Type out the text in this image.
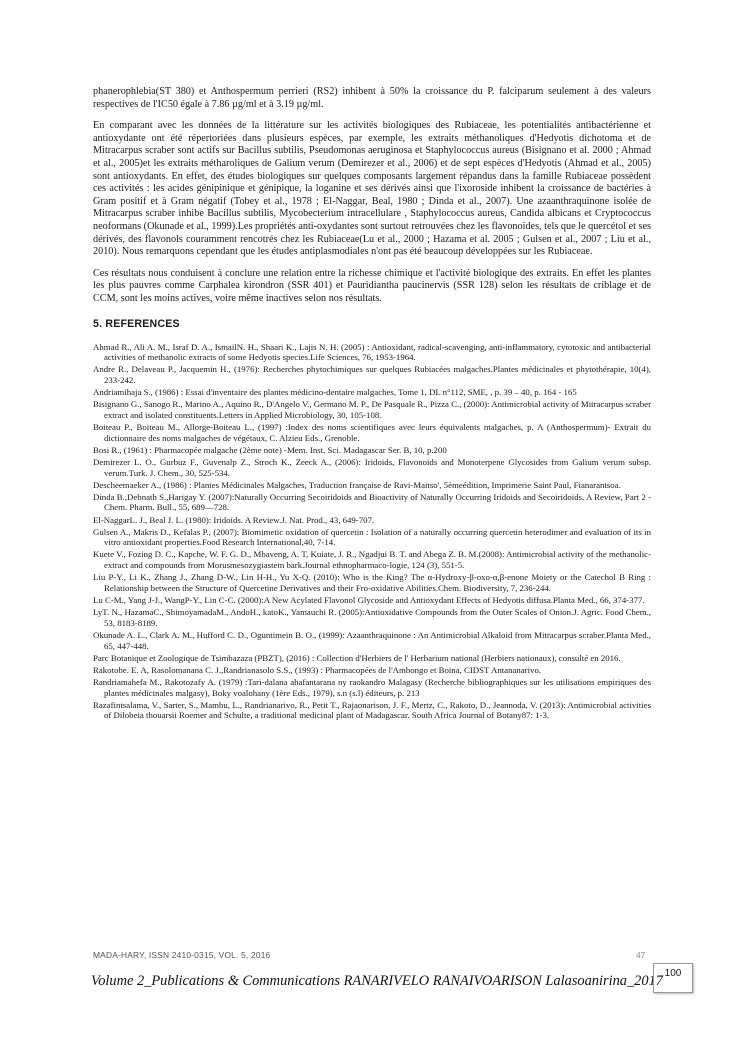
phanerophlebia(ST 380) et Anthospermum perrieri (RS2) inhibent à 50% la croissance du P. falciparum seulement à des valeurs respectives de l'IC50 égale à 7.86 µg/ml et à 3.19 µg/ml.

En comparant avec les données de la littérature sur les activités biologiques des Rubiaceae, les potentialités antibactérienne et antioxydante ont été répertoriées dans plusieurs espèces, par exemple, les extraits méthanoliques d'Hedyotis dichotoma et de Mitracarpus scraber sont actifs sur Bacillus subtilis, Pseudomonas aeruginosa et Staphylococcus aureus (Bisignano et al. 2000 ; Ahmad et al., 2005)et les extraits métharoliques de Galium verum (Demirezer et al., 2006) et de sept espèces d'Hedyotis (Ahmad et al., 2005) sont antioxydants. En effet, des études biologiques sur quelques composants largement répandus dans la famille Rubiaceae possèdent ces activités : les acides génipinique et génipique, la loganine et ses dérivés ainsi que l'ixoroside inhibent la croissance de bactéries à Gram positif et à Gram négatif (Tobey et al., 1978 ; El-Naggar, Beal, 1980 ; Dinda et al., 2007). Une azaanthraquinone isolée de Mitracarpus scraber inhibe Bacillus subtilis, Mycobecterium intracellulare , Staphylococcus aureus, Candida albicans et Cryptococcus neoformans (Okunade et al., 1999).Les propriétés anti-oxydantes sont surtout retrouvées chez les flavonoïdes, tels que le quercétol et ses dérivés, des flavonols couramment rencotrés chez les Rubiaceae(Lu et al., 2000 ; Hazama et al. 2005 ; Gulsen et al., 2007 ; Liu et al., 2010). Nous remarquons cependant que les études antiplasmodiales n'ont pas été beaucoup développées sur les Rubiaceae.

Ces résultats nous conduisent à conclure une relation entre la richesse chimique et l'activité biologique des extraits. En effet les plantes les plus pauvres comme Carphalea kirondron (SSR 401) et Pauridiantha paucinervis (SSR 128) selon les résultats de criblage et de CCM, sont les moins actives, voire même inactives selon nos résultats.

5. REFERENCES
Ahmad R., Ali A. M., Israf D. A., IsmailN. H., Shaari K., Lajis N. H. (2005) : Antioxidant, radical-scavenging, anti-inflammatory, cytotoxic and antibacterial activities of methanolic extracts of some Hedyotis species.Life Sciences, 76, 1953-1964.
Andre R., Delaveau P., Jacquemin H., (1976): Recherches phytochimiques sur quelques Rubiacées malgaches.Plantes médicinales et phytothérapie, 10(4), 233-242.
Andriamihaja S., (1986) : Essai d'inventaire des plantes médicino-dentaire malgaches, Tome 1, DL n°112, SME, , p. 39 – 40, p. 164 - 165
Bisignano G., Sanogo R., Marino A., Aquino R., D'Angelo V., Germano M. P., De Pasquale R., Pizza C., (2000): Antimicrobial activity of Mitracarpus scraber extract and isolated constituents.Letters in Applied Microbiology, 30, 105-108.
Boiteau P., Boiteau M., Allorge-Boiteau L., (1997) :Index des noms scientifiques avec leurs équivalents malgaches, p. A (Anthospermum)- Extrait du dictionnaire des noms malgaches de végétaux, C. Alzieu Eds., Grenoble.
Bosi R., (1961) : Pharmacopée malgache (2ème note) -Mem. Inst. Sci. Madagascar Ser. B, 10, p.200
Demirezer L. O., Gurbuz F., Guvenalp Z., Stroch K., Zeeck A., (2006): Iridoids, Flavonoids and Monoterpene Glycosides from Galium verum subsp. verum.Turk. J. Chem., 30, 525-534.
Descheemaeker A., (1986) : Plantes Médicinales Malgaches, Traduction française de Ravi-Maitso', 5èmeédition, Imprimerie Saint Paul, Fianarantsoa.
Dinda B.,Debnath S.,Harigay Y. (2007):Naturally Occurring Secoiridoids and Bioactivity of Naturally Occurring Iridoids and Secoiridoids. A Review, Part 2 - Chem. Pharm. Bull., 55, 689—728.
El-NaggarL. J., Beal J. L. (1980): Iridoids. A Review.J. Nat. Prod., 43, 649-707.
Gulsen A., Makris D., Kefalas P., (2007): Biomimetic oxidation of quercetin : Isolation of a naturally occurring quercetin heterodimer and evaluation of its in vitro antioxidant properties.Food Research International,40, 7-14.
Kuete V., Fozing D. C., Kapche, W. F. G. D., Mbaveng, A. T, Kuiate, J. R., Ngadjui B. T. and Abega Z. B. M.(2008): Antimicrobial activity of the methanolic-extract and compounds from Morusmesozygiastem bark.Journal ethnopharmaco-logie, 124 (3), 551-5.
Liu P-Y., Li K., Zhang J., Zhang D-W., Lin H-H., Yu X-Q. (2010): Who is the King? The α-Hydroxy-β-oxo-α,β-enone Moiety or the Catechol B Ring : Relationship between the Structure of Quercetine Derivatives and their Fro-oxidative Abilities.Chem. Biodiversity, 7, 236-244.
Lu C-M., Yang J-J., WangP-Y., Lin C-C. (2000):A New Acylated Flavonol Glycoside and Antioxydant Effects of Hedyotis diffusa.Planta Med., 66, 374-377.
LyT. N., HazamaC., ShimoyamadaM., AndoH., katoK., Yamauchi R. (2005):Antioxidative Compounds from the Outer Scales of Onion.J. Agric. Food Chem., 53, 8183-8189.
Okunade A. L., Clark A. M., Hufford C. D., Oguntimein B. O., (1999): Azaanthraquinone : An Antimicrobial Alkaloid from Mitracarpus scraber.Planta Med., 65, 447-448.
Parc Botanique et Zoologique de Tsimbazaza (PBZT), (2016) : Collection d'Herbiers de l' Herbarium national (Herbiers nationaux), consulté en 2016.
Rakotobe. E. A, Rasolomanana C. J.,Randrianasolo S.S., (1993) : Pharmacopées de l'Ambongo et Boina, CIDST Antananarivo.
Randriamahefa M., Rakotozafy A. (1979) :Tari-dalana ahafantarana ny raokandro Malagasy (Recherche bibliographiques sur les utilisations empiriques des plantes médicinales malgasy), Boky voalohany (1ère Eds., 1979), s.n (s.l) éditeurs, p. 213
Razafintsalama, V., Sarter, S., Mambu, L., Randrianarivo, R., Petit T., Rajaonarison, J. F., Mertz, C., Rakoto, D., Jeannoda, V. (2013): Antimicrobial activities of Dilobeia thouarsii Roemer and Schulte, a traditional medicinal plant of Madagascar. South Africa Journal of Botany87: 1-3.
MADA-HARY, ISSN 2410-0315, VOL. 5, 2016	47
Volume 2_Publications & Communications RANARIVELO RANAIVOARISON Lalasoanirina_2017 100
